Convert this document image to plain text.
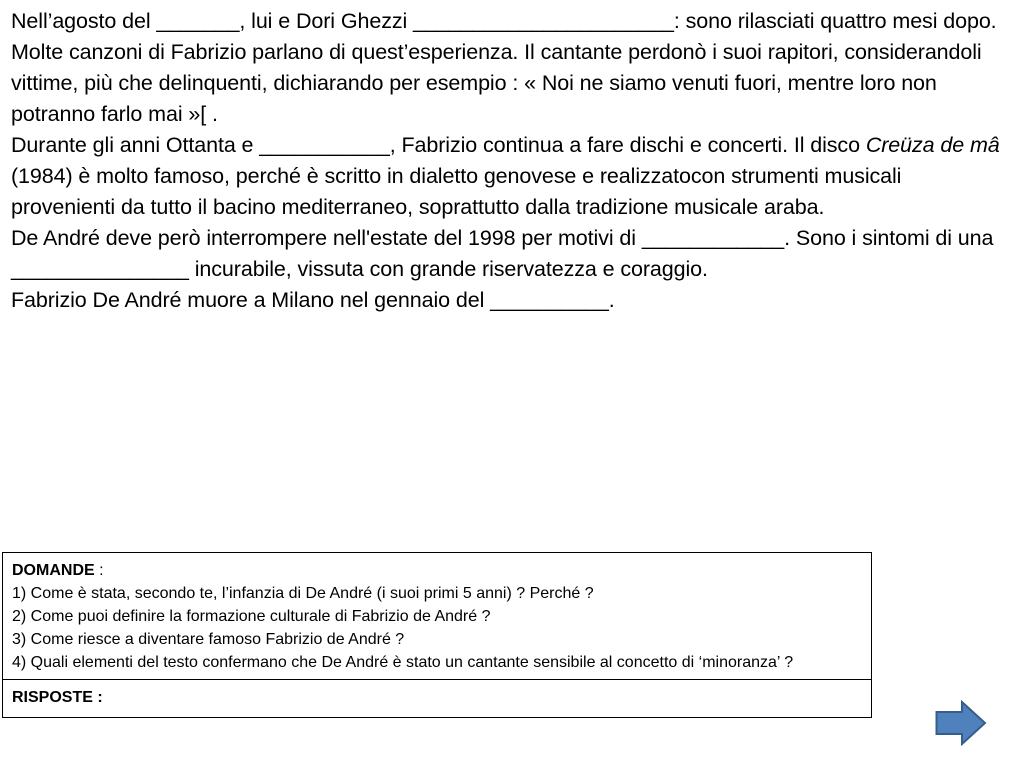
Nell’agosto del _______, lui e Dori Ghezzi ______________________: sono rilasciati quattro mesi dopo. Molte canzoni di Fabrizio parlano di quest’esperienza. Il cantante perdonò i suoi rapitori, considerandoli vittime, più che delinquenti, dichiarando per esempio : « Noi ne siamo venuti fuori, mentre loro non potranno farlo mai »[ .

Durante gli anni Ottanta e ___________, Fabrizio continua a fare dischi e concerti. Il disco Creüza de mâ (1984) è molto famoso, perché è scritto in dialetto genovese e realizzatocon strumenti musicali provenienti da tutto il bacino mediterraneo, soprattutto dalla tradizione musicale araba.

De André deve però interrompere nell'estate del 1998 per motivi di ____________. Sono i sintomi di una _______________ incurabile, vissuta con grande riservatezza e coraggio.

Fabrizio De André muore a Milano nel gennaio del __________.

DOMANDE :
1) Come è stata, secondo te, l’infanzia di De André (i suoi primi 5 anni) ? Perché ?
2) Come puoi definire la formazione culturale di Fabrizio de André ?
3) Come riesce a diventare famoso Fabrizio de André ?
4) Quali elementi del testo confermano che De André è stato un cantante sensibile al concetto di ‘minoranza’ ?

RISPOSTE :
